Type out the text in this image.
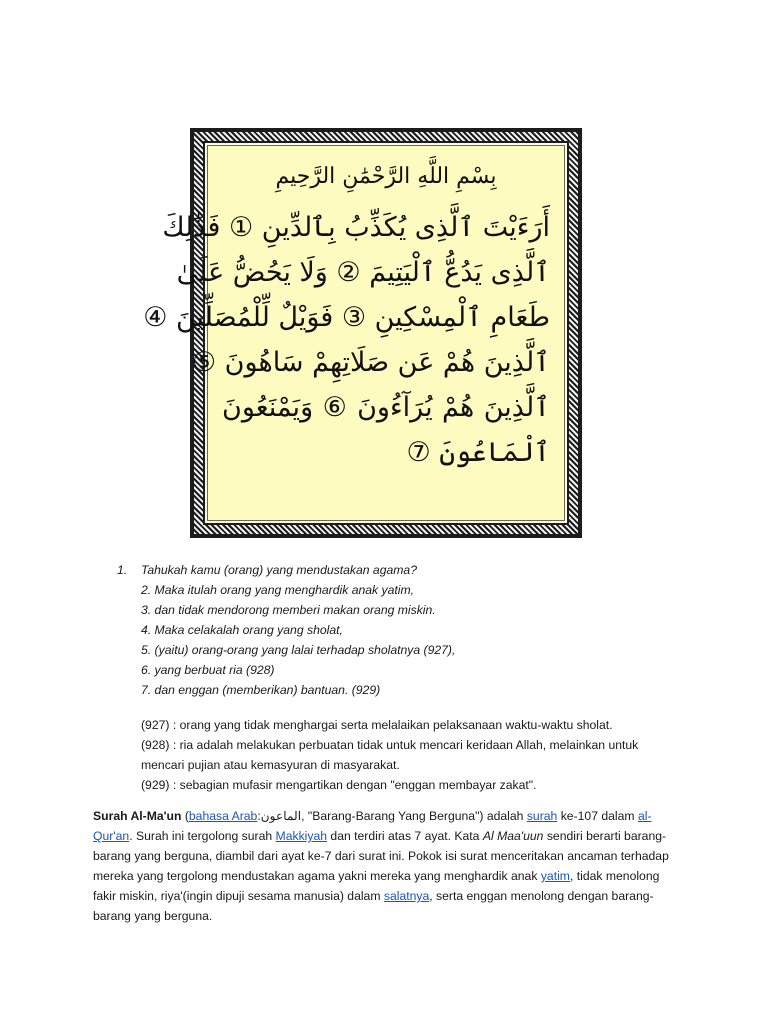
بِسْمِ اللَّهِ الرَّحْمَٰنِ الرَّحِيمِ
أَرَءَيْتَ ٱلَّذِى يُكَذِّبُ بِٱلدِّينِ ① فَذَٰلِكَ
ٱلَّذِى يَدُعُّ ٱلْيَتِيمَ ② وَلَا يَحُضُّ عَلَىٰ
طَعَامِ ٱلْمِسْكِينِ ③ فَوَيْلٌ لِّلْمُصَلِّينَ ④
ٱلَّذِينَ هُمْ عَن صَلَاتِهِمْ سَاهُونَ ⑤
ٱلَّذِينَ هُمْ يُرَآءُونَ ⑥ وَيَمْنَعُونَ
ٱلْمَاعُونَ ⑦
1. Tahukah kamu (orang) yang mendustakan agama?
2. Maka itulah orang yang menghardik anak yatim,
3. dan tidak mendorong memberi makan orang miskin.
4. Maka celakalah orang yang sholat,
5. (yaitu) orang-orang yang lalai terhadap sholatnya (927),
6. yang berbuat ria (928)
7. dan enggan (memberikan) bantuan. (929)
(927) : orang yang tidak menghargai serta melalaikan pelaksanaan waktu-waktu sholat.
(928) : ria adalah melakukan perbuatan tidak untuk mencari keridaan Allah, melainkan untuk
mencari pujian atau kemasyuran di masyarakat.
(929) : sebagian mufasir mengartikan dengan "enggan membayar zakat".
Surah Al-Ma'un (bahasa Arab:الماعون, "Barang-Barang Yang Berguna") adalah surah ke-107 dalam al-Qur'an. Surah ini tergolong surah Makkiyah dan terdiri atas 7 ayat. Kata Al Maa'uun sendiri berarti barang-barang yang berguna, diambil dari ayat ke-7 dari surat ini. Pokok isi surat menceritakan ancaman terhadap mereka yang tergolong mendustakan agama yakni mereka yang menghardik anak yatim, tidak menolong fakir miskin, riya'(ingin dipuji sesama manusia) dalam salatnya, serta enggan menolong dengan barang-barang yang berguna.
